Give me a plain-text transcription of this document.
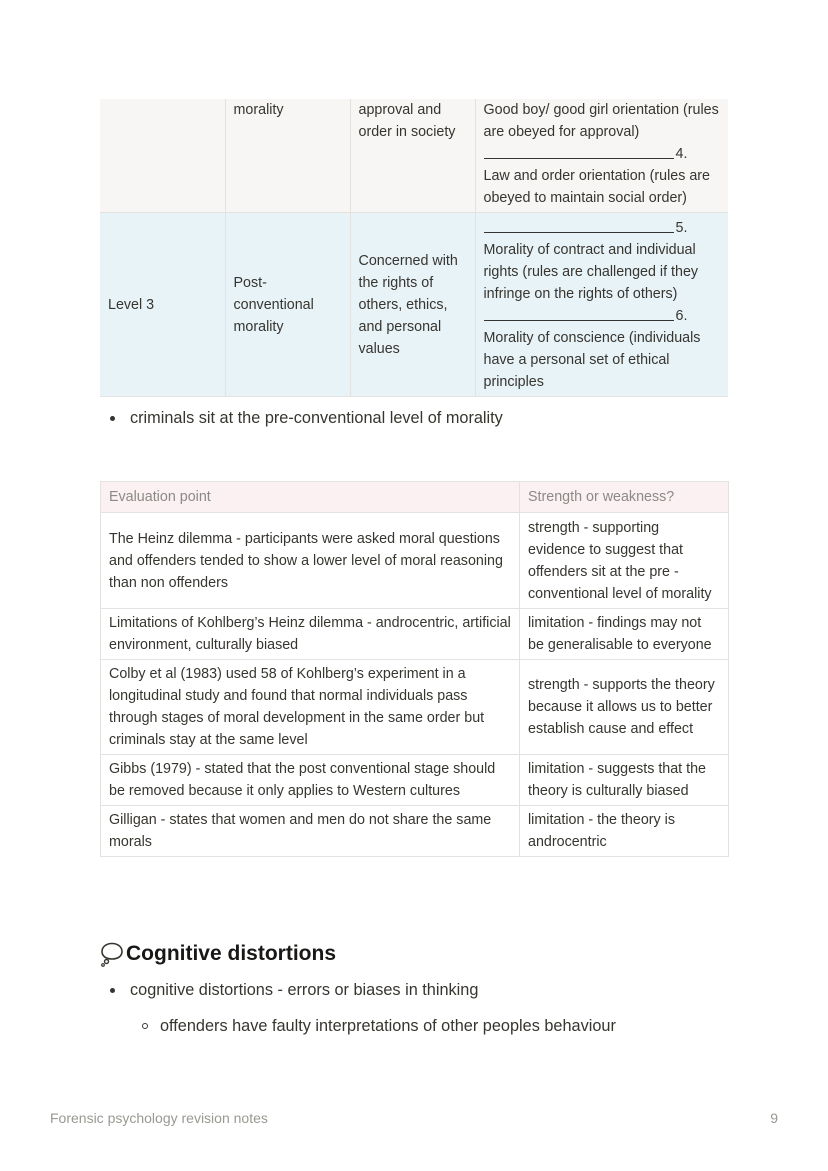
	morality	approval and order in society	Good boy/ good girl orientation (rules are obeyed for approval)
4.
Law and order orientation (rules are obeyed to maintain social order)

Level 3	Post-conventional morality	Concerned with the rights of others, ethics, and personal values	5.
Morality of contract and individual rights (rules are challenged if they infringe on the rights of others)
6.
Morality of conscience (individuals have a personal set of ethical principles
criminals sit at the pre-conventional level of morality
Evaluation point	Strength or weakness?
The Heinz dilemma - participants were asked moral questions and offenders tended to show a lower level of moral reasoning than non offenders	strength - supporting evidence to suggest that offenders sit at the pre - conventional level of morality
Limitations of Kohlberg’s Heinz dilemma - androcentric, artificial environment, culturally biased	limitation - findings may not be generalisable to everyone
Colby et al (1983) used 58 of Kohlberg’s experiment in a longitudinal study and found that normal individuals pass through stages of moral development in the same order but criminals stay at the same level	strength - supports the theory because it allows us to better establish cause and effect
Gibbs (1979) - stated that the post conventional stage should be removed because it only applies to Western cultures	limitation - suggests that the theory is culturally biased
Gilligan - states that women and men do not share the same morals	limitation - the theory is androcentric
Cognitive distortions
cognitive distortions - errors or biases in thinking
offenders have faulty interpretations of other peoples behaviour
Forensic psychology revision notes	9
